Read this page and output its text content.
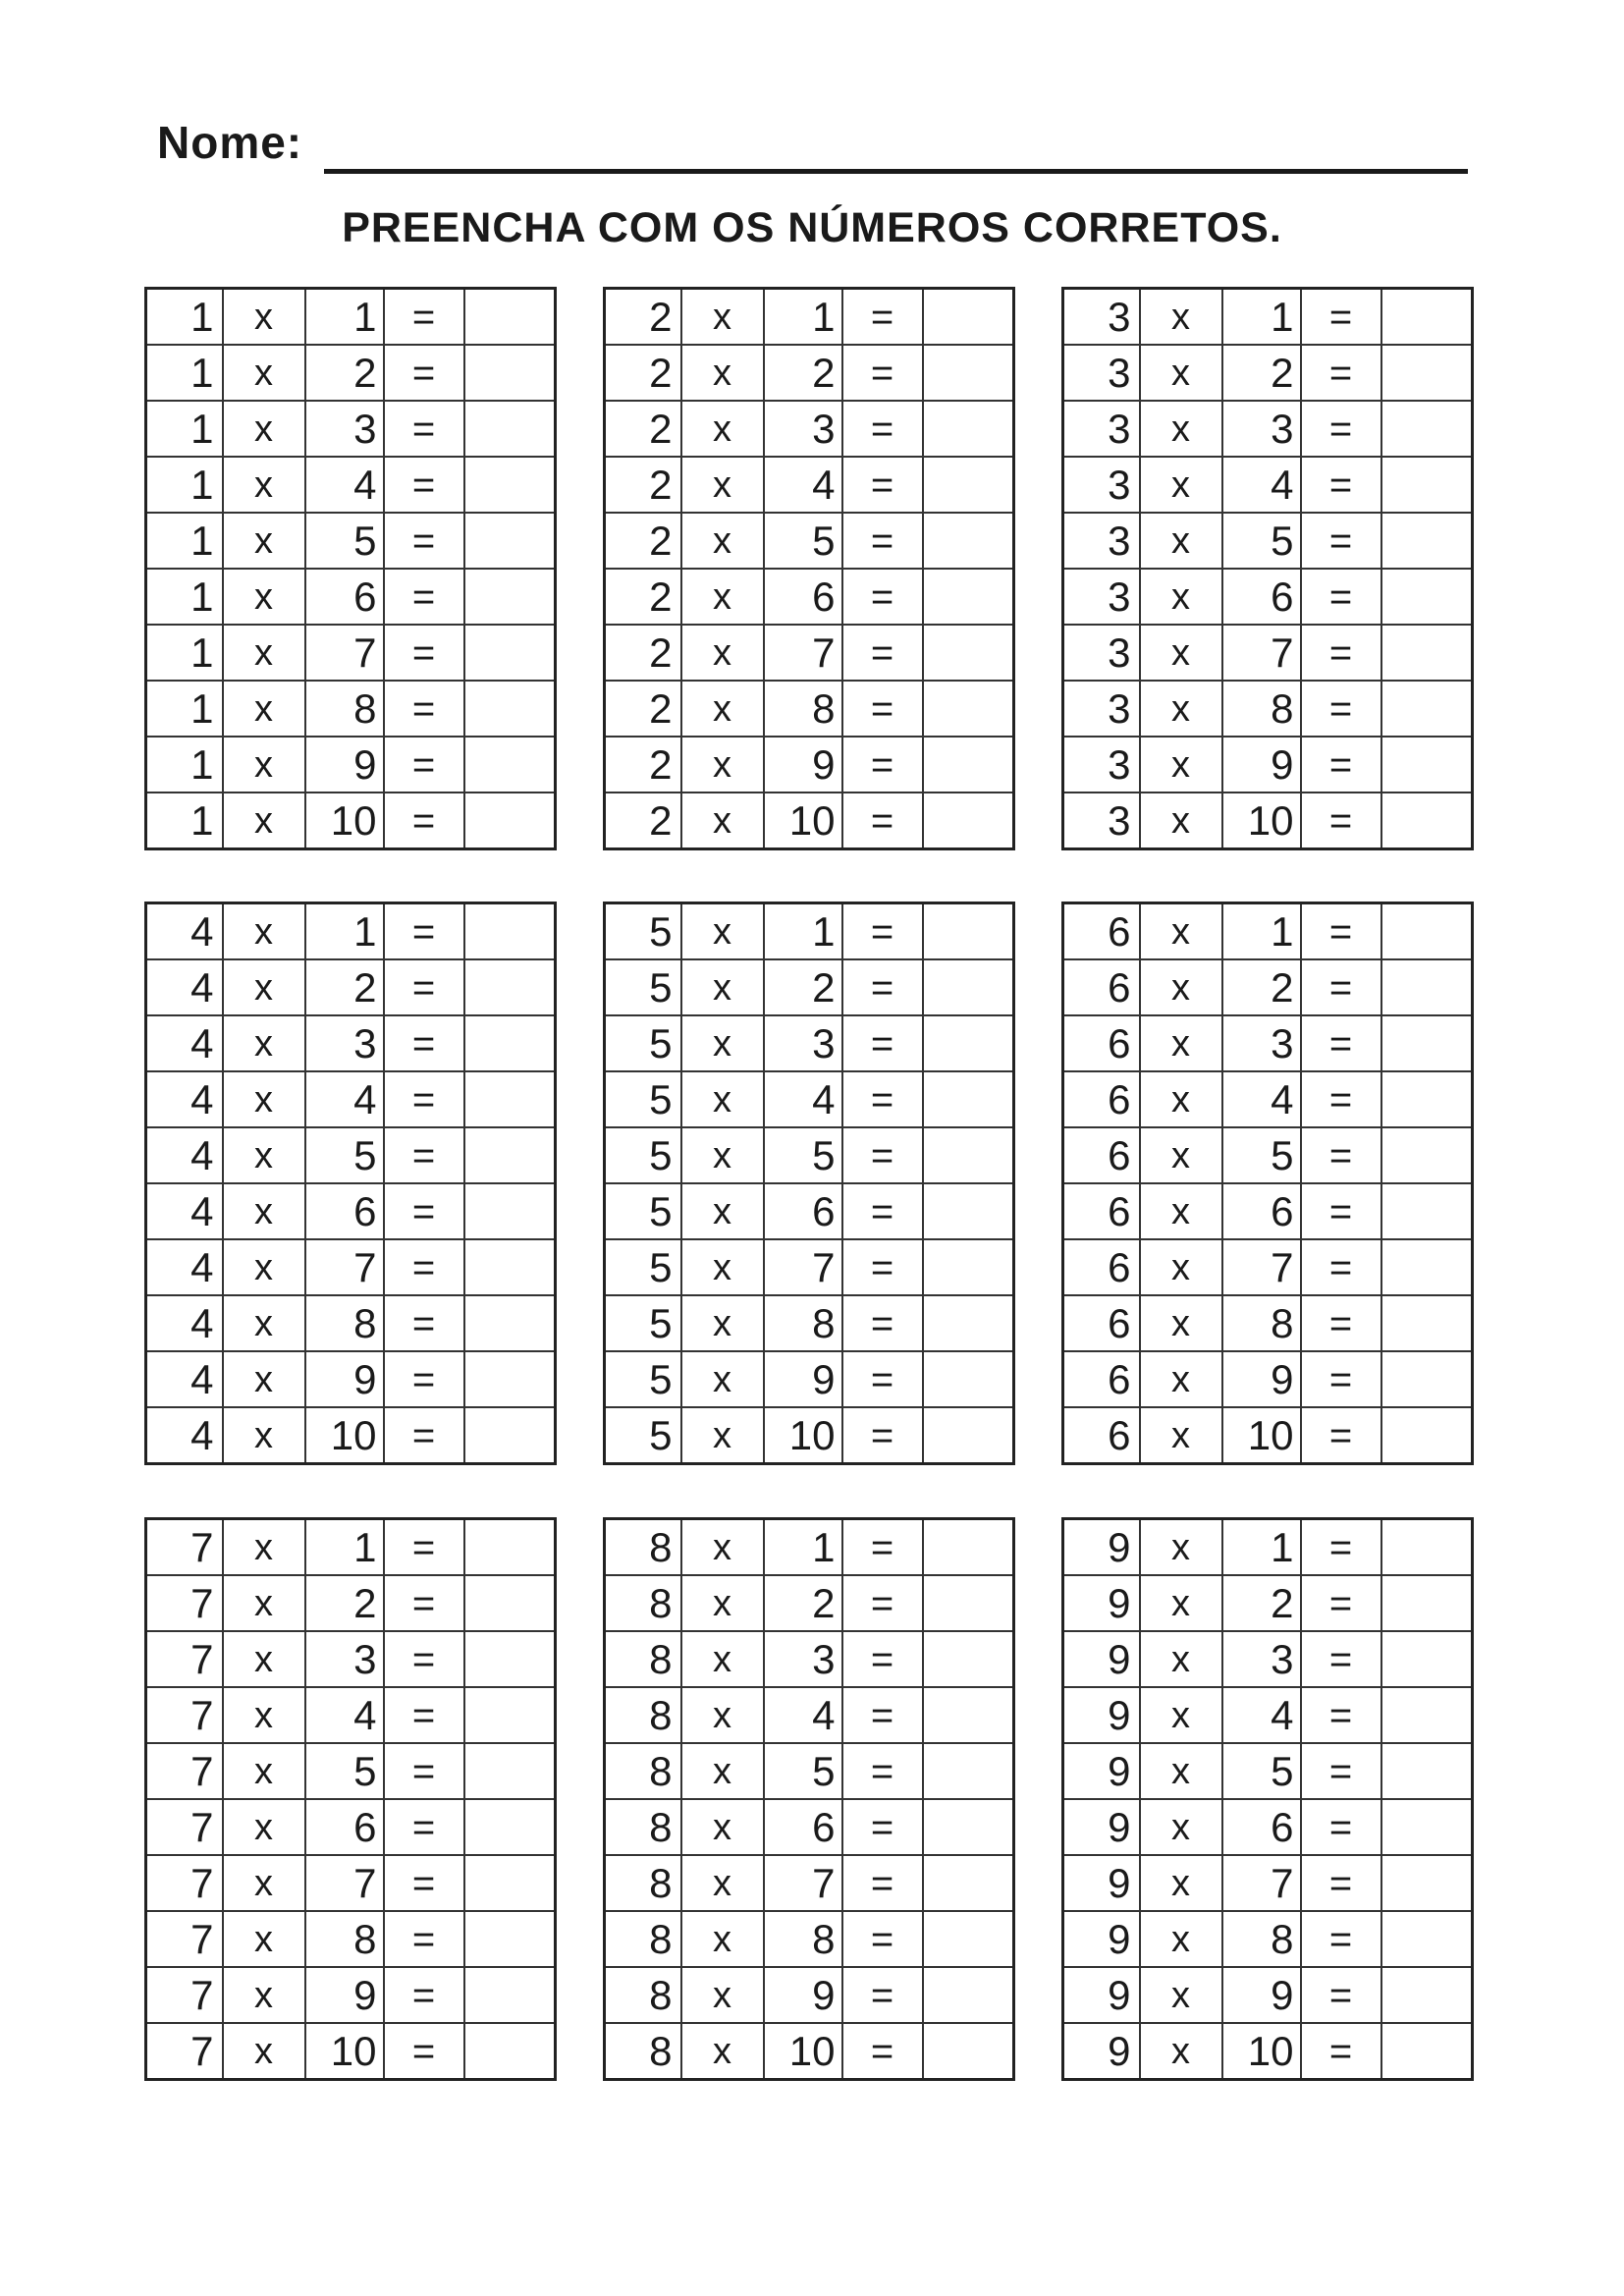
Nome:
PREENCHA COM OS NÚMEROS CORRETOS.
1	x	1	=	
1	x	2	=	
1	x	3	=	
1	x	4	=	
1	x	5	=	
1	x	6	=	
1	x	7	=	
1	x	8	=	
1	x	9	=	
1	x	10	=	
2	x	1	=	
2	x	2	=	
2	x	3	=	
2	x	4	=	
2	x	5	=	
2	x	6	=	
2	x	7	=	
2	x	8	=	
2	x	9	=	
2	x	10	=	
3	x	1	=	
3	x	2	=	
3	x	3	=	
3	x	4	=	
3	x	5	=	
3	x	6	=	
3	x	7	=	
3	x	8	=	
3	x	9	=	
3	x	10	=	
4	x	1	=	
4	x	2	=	
4	x	3	=	
4	x	4	=	
4	x	5	=	
4	x	6	=	
4	x	7	=	
4	x	8	=	
4	x	9	=	
4	x	10	=	
5	x	1	=	
5	x	2	=	
5	x	3	=	
5	x	4	=	
5	x	5	=	
5	x	6	=	
5	x	7	=	
5	x	8	=	
5	x	9	=	
5	x	10	=	
6	x	1	=	
6	x	2	=	
6	x	3	=	
6	x	4	=	
6	x	5	=	
6	x	6	=	
6	x	7	=	
6	x	8	=	
6	x	9	=	
6	x	10	=	
7	x	1	=	
7	x	2	=	
7	x	3	=	
7	x	4	=	
7	x	5	=	
7	x	6	=	
7	x	7	=	
7	x	8	=	
7	x	9	=	
7	x	10	=	
8	x	1	=	
8	x	2	=	
8	x	3	=	
8	x	4	=	
8	x	5	=	
8	x	6	=	
8	x	7	=	
8	x	8	=	
8	x	9	=	
8	x	10	=	
9	x	1	=	
9	x	2	=	
9	x	3	=	
9	x	4	=	
9	x	5	=	
9	x	6	=	
9	x	7	=	
9	x	8	=	
9	x	9	=	
9	x	10	=	
